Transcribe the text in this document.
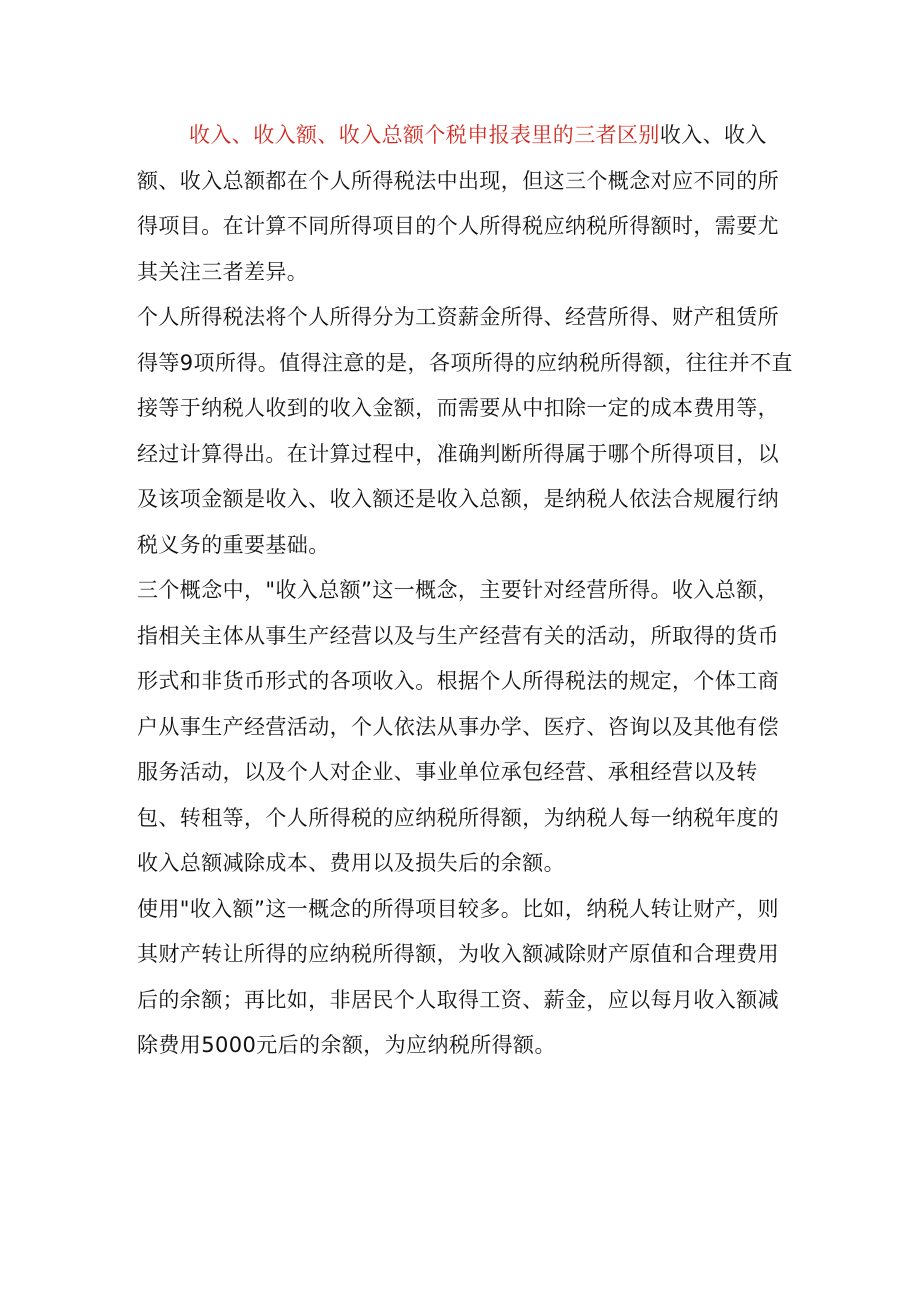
收入、收入额、收入总额个税申报表里的三者区别收入、收入额、收入总额都在个人所得税法中出现，但这三个概念对应不同的所得项目。在计算不同所得项目的个人所得税应纳税所得额时，需要尤其关注三者差异。

个人所得税法将个人所得分为工资薪金所得、经营所得、财产租赁所得等9项所得。值得注意的是，各项所得的应纳税所得额，往往并不直接等于纳税人收到的收入金额，而需要从中扣除一定的成本费用等，经过计算得出。在计算过程中，准确判断所得属于哪个所得项目，以及该项金额是收入、收入额还是收入总额，是纳税人依法合规履行纳税义务的重要基础。

三个概念中，"收入总额”这一概念，主要针对经营所得。收入总额，指相关主体从事生产经营以及与生产经营有关的活动，所取得的货币形式和非货币形式的各项收入。根据个人所得税法的规定，个体工商户从事生产经营活动，个人依法从事办学、医疗、咨询以及其他有偿服务活动，以及个人对企业、事业单位承包经营、承租经营以及转包、转租等，个人所得税的应纳税所得额，为纳税人每一纳税年度的收入总额减除成本、费用以及损失后的余额。

使用"收入额”这一概念的所得项目较多。比如，纳税人转让财产，则其财产转让所得的应纳税所得额，为收入额减除财产原值和合理费用后的余额；再比如，非居民个人取得工资、薪金，应以每月收入额减除费用5000元后的余额，为应纳税所得额。
